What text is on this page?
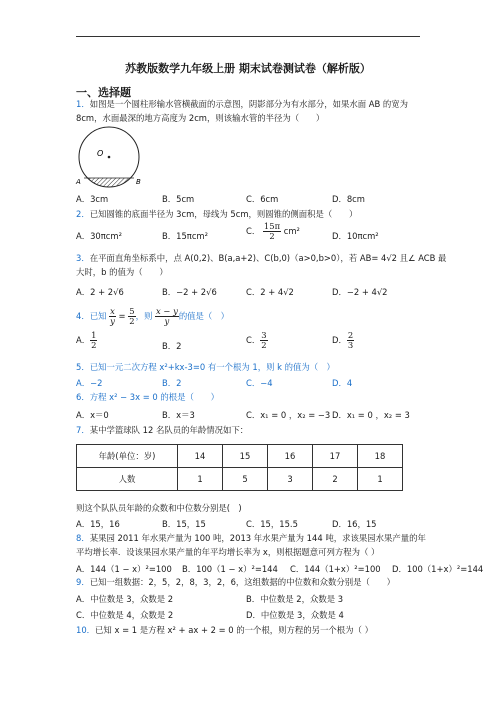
苏教版数学九年级上册 期末试卷测试卷（解析版）
一、选择题
1．如图是一个圆柱形输水管横截面的示意图，阴影部分为有水部分，如果水面 AB 的宽为
8cm，水面最深的地方高度为 2cm，则该输水管的半径为（　　）
O
A	B
A．3cm	B．5cm	C．6cm	D．8cm
2．已知圆锥的底面半径为 3cm，母线为 5cm，则圆锥的侧面积是（　　）
A．30πcm²	B．15πcm²	C． $\frac{15\pi}{2} cm^2$	D．10πcm²
3．在平面直角坐标系中，点 A(0,2)、B(a,a+2)、C(b,0)（a>0,b>0），若 AB= 4√2 且∠ ACB 最
大时，b 的值为（　　）
A．2 + 2√6	B．−2 + 2√6	C．2 + 4√2	D．−2 + 4√2
4．已知 $\frac{x}{y} = \frac{5}{2}$ ，则 $\frac{x - y}{y}$ 的值是（　）
A． $\frac{1}{2}$	B．2
C． $\frac{3}{2}$	D． $\frac{2}{3}$
5．已知一元二次方程 x²+kx-3=0 有一个根为 1，则 k 的值为（　）
A．−2	B．2	C．−4	D．4
6．方程 x² − 3x = 0 的根是（　　）
A．x＝0	B．x＝3	C．x₁ = 0 ，x₂ = −3 D．x₁ = 0 ，x₂ = 3
7．某中学篮球队 12 名队员的年龄情况如下：
年龄(单位：岁)	14	15	16	17	18
人数	1	5	3	2	1
则这个队队员年龄的众数和中位数分别是(　)
A．15，16	B．15，15	C．15，15.5	D．16，15
8．某果园 2011 年水果产量为 100 吨，2013 年水果产量为 144 吨，求该果园水果产量的年
平均增长率．设该果园水果产量的年平均增长率为 x，则根据题意可列方程为（ ）
A．144（1 − x）²=100 B．100（1 − x）²=144 C．144（1+x）²=100 D．100（1+x）²=144
9．已知一组数据：2，5，2，8，3，2，6，这组数据的中位数和众数分别是（　　）
A．中位数是 3，众数是 2	B．中位数是 2，众数是 3
C．中位数是 4，众数是 2	D．中位数是 3，众数是 4
10．已知 x = 1 是方程 x² + ax + 2 = 0 的一个根，则方程的另一个根为（ ）
